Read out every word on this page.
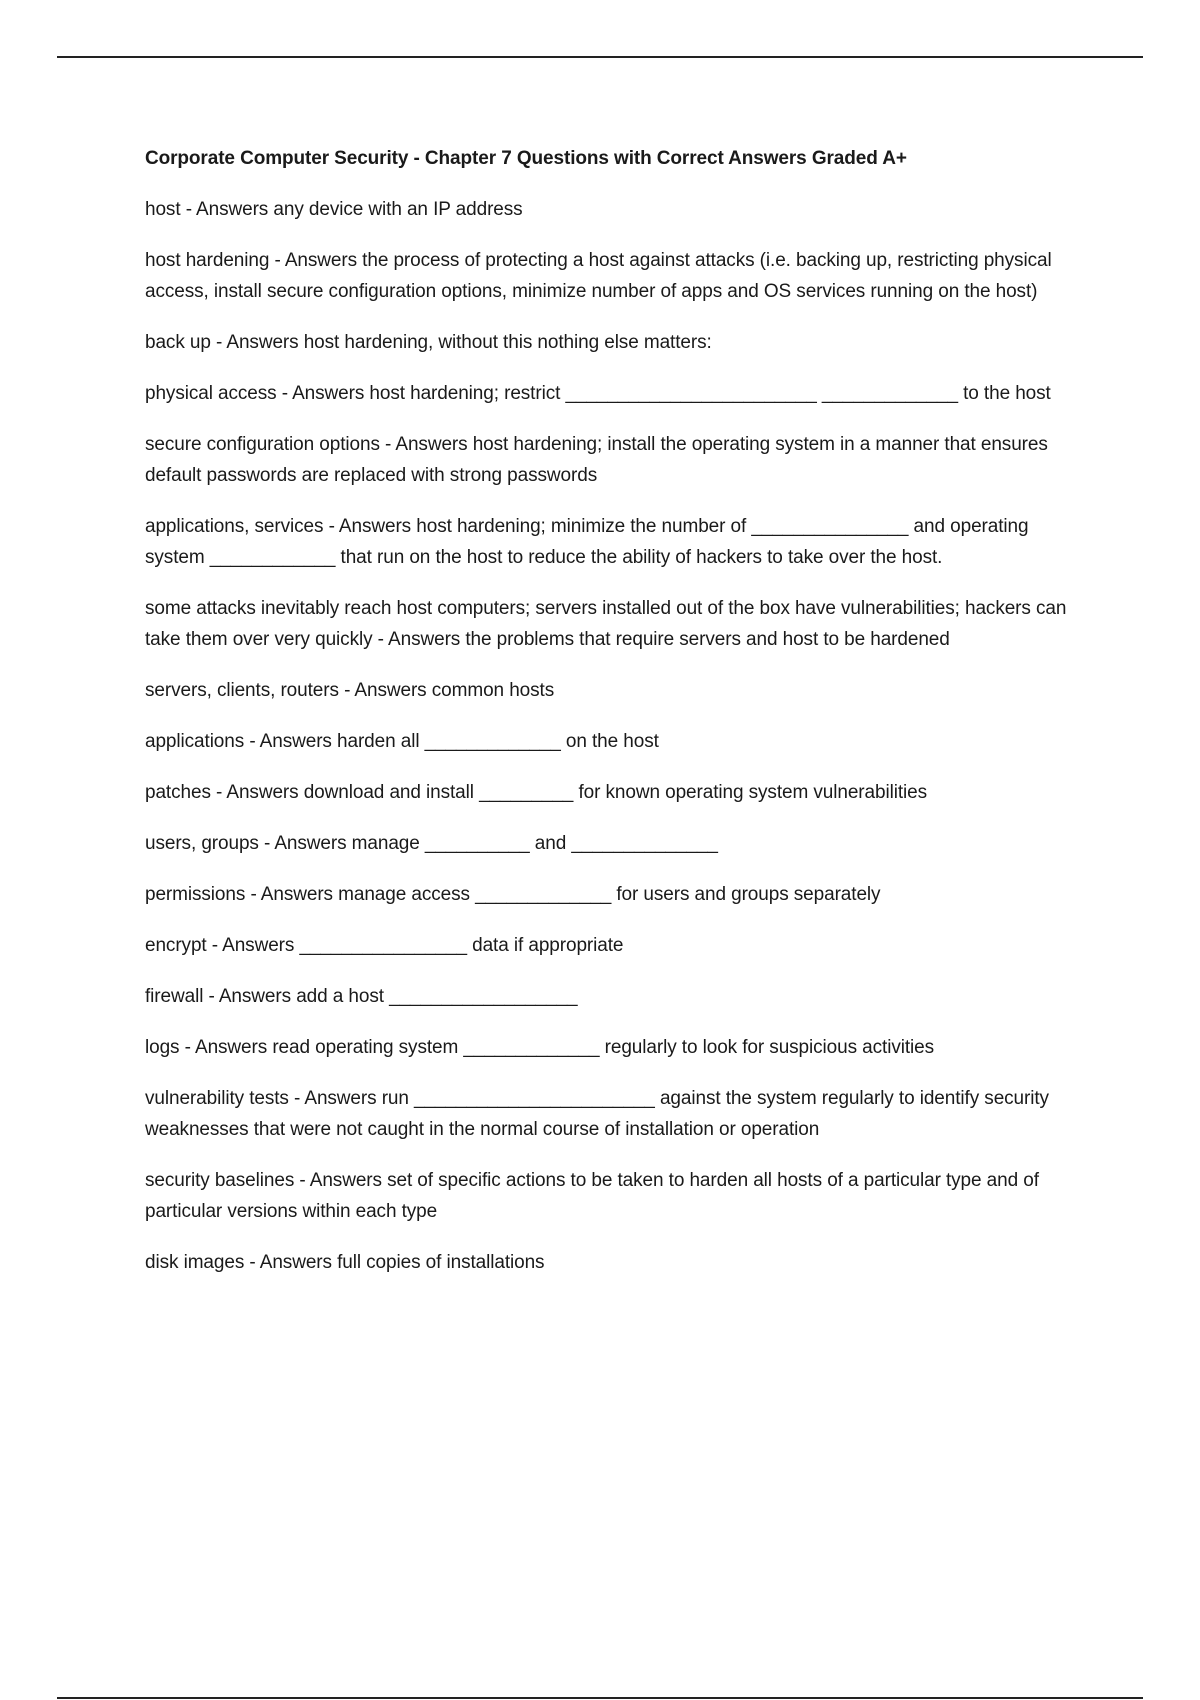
Corporate Computer Security - Chapter 7 Questions with Correct Answers Graded A+

host - Answers any device with an IP address

host hardening - Answers the process of protecting a host against attacks (i.e. backing up, restricting physical access, install secure configuration options, minimize number of apps and OS services running on the host)

back up - Answers host hardening, without this nothing else matters:

physical access - Answers host hardening; restrict ________________________ _____________ to the host

secure configuration options - Answers host hardening; install the operating system in a manner that ensures default passwords are replaced with strong passwords

applications, services - Answers host hardening; minimize the number of _______________ and operating system ____________ that run on the host to reduce the ability of hackers to take over the host.

some attacks inevitably reach host computers; servers installed out of the box have vulnerabilities; hackers can take them over very quickly - Answers the problems that require servers and host to be hardened

servers, clients, routers - Answers common hosts

applications - Answers harden all _____________ on the host

patches - Answers download and install _________ for known operating system vulnerabilities

users, groups - Answers manage __________ and ______________

permissions - Answers manage access _____________ for users and groups separately

encrypt - Answers ________________ data if appropriate

firewall - Answers add a host __________________

logs - Answers read operating system _____________ regularly to look for suspicious activities

vulnerability tests - Answers run _______________________ against the system regularly to identify security weaknesses that were not caught in the normal course of installation or operation

security baselines - Answers set of specific actions to be taken to harden all hosts of a particular type and of particular versions within each type

disk images - Answers full copies of installations
